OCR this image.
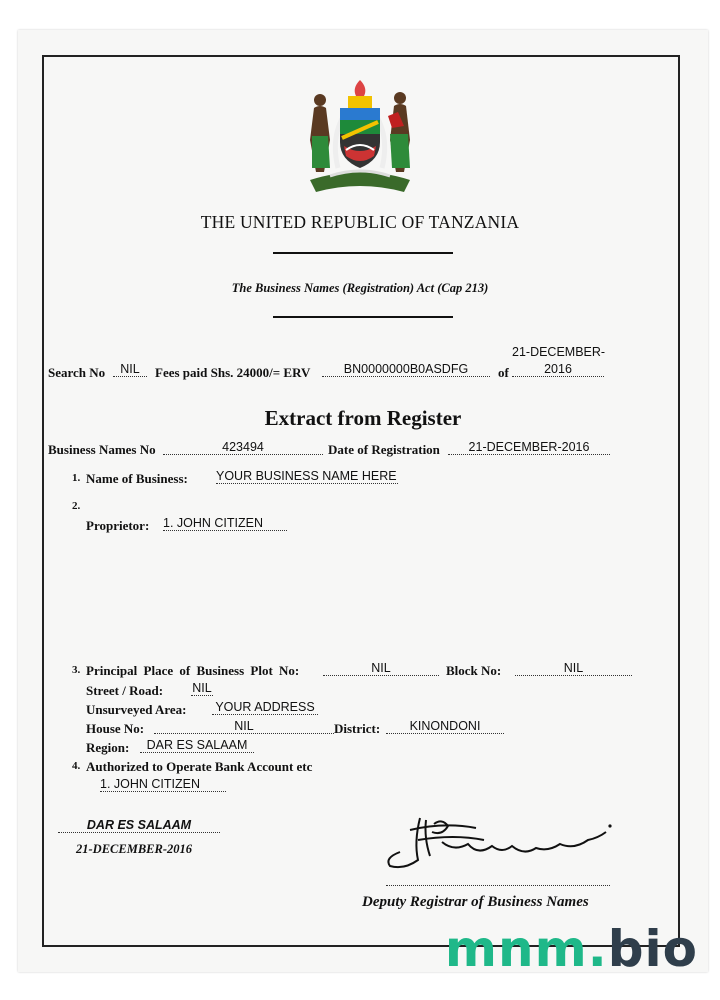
THE UNITED REPUBLIC OF TANZANIA
The Business Names (Registration) Act (Cap 213)
Search No	NIL	Fees paid Shs. 24000/= ERV	BN0000000B0ASDFG	of
21-DECEMBER-
2016
Extract from Register
Business Names No	423494	Date of Registration	21-DECEMBER-2016
1. Name of Business: YOUR BUSINESS NAME HERE
2.
Proprietor: 1. JOHN CITIZEN
3. Principal Place of Business Plot No:	NIL	Block No:	NIL
Street / Road: NIL
Unsurveyed Area: YOUR ADDRESS
House No:	NIL	District:	KINONDONI
Region:	DAR ES SALAAM
4. Authorized to Operate Bank Account etc
1. JOHN CITIZEN
DAR ES SALAAM
21-DECEMBER-2016
Deputy Registrar of Business Names
mnm.bio
